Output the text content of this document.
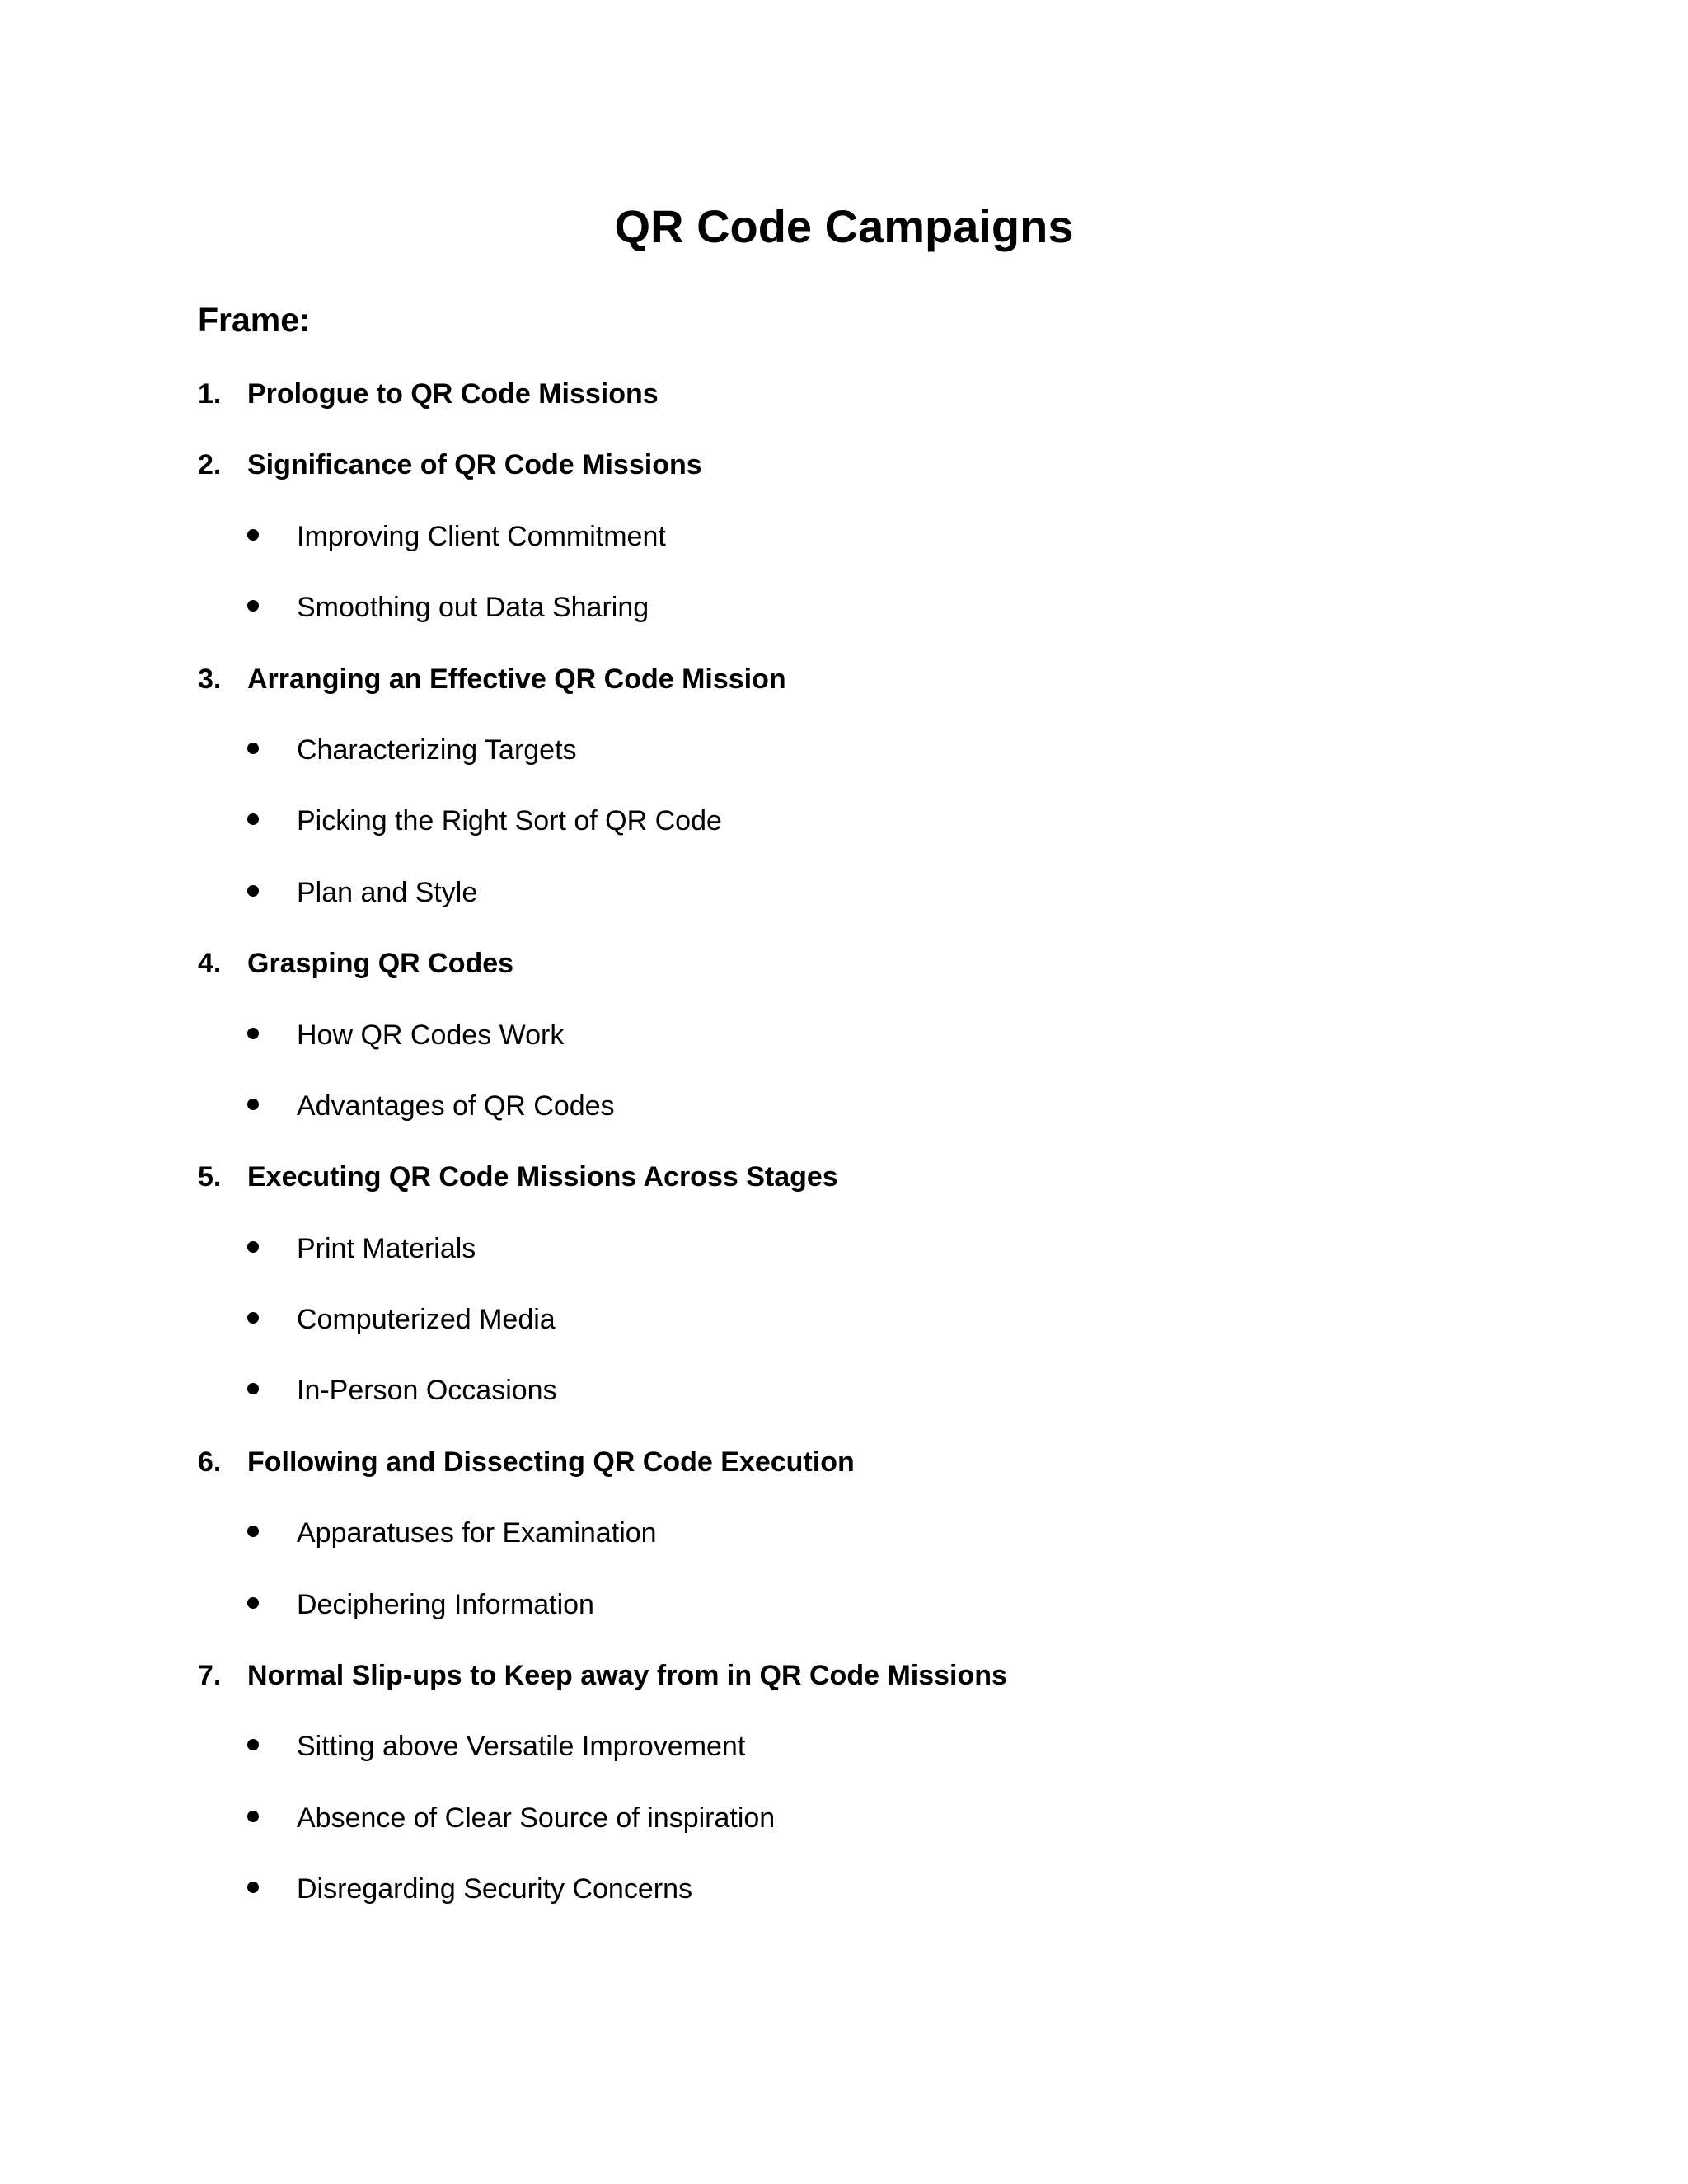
QR Code Campaigns
Frame:
1. Prologue to QR Code Missions
2. Significance of QR Code Missions
Improving Client Commitment
Smoothing out Data Sharing
3. Arranging an Effective QR Code Mission
Characterizing Targets
Picking the Right Sort of QR Code
Plan and Style
4. Grasping QR Codes
How QR Codes Work
Advantages of QR Codes
5. Executing QR Code Missions Across Stages
Print Materials
Computerized Media
In-Person Occasions
6. Following and Dissecting QR Code Execution
Apparatuses for Examination
Deciphering Information
7. Normal Slip-ups to Keep away from in QR Code Missions
Sitting above Versatile Improvement
Absence of Clear Source of inspiration
Disregarding Security Concerns
